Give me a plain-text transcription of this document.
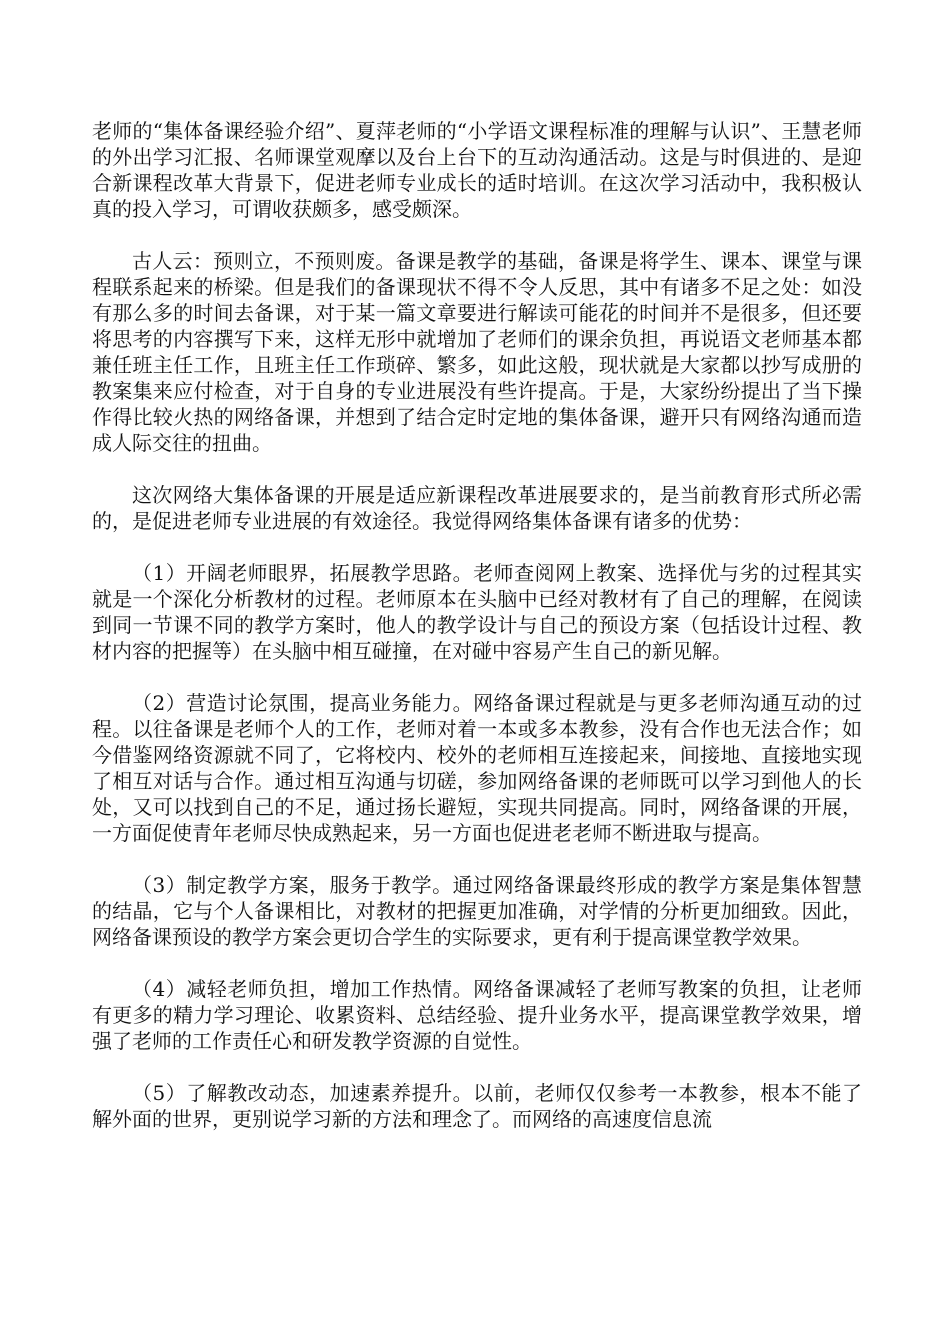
老师的“集体备课经验介绍”、夏萍老师的“小学语文课程标准的理解与认识”、王慧老师的外出学习汇报、名师课堂观摩以及台上台下的互动沟通活动。这是与时俱进的、是迎合新课程改革大背景下，促进老师专业成长的适时培训。在这次学习活动中，我积极认真的投入学习，可谓收获颇多，感受颇深。

古人云：预则立，不预则废。备课是教学的基础，备课是将学生、课本、课堂与课程联系起来的桥梁。但是我们的备课现状不得不令人反思，其中有诸多不足之处：如没有那么多的时间去备课，对于某一篇文章要进行解读可能花的时间并不是很多，但还要将思考的内容撰写下来，这样无形中就增加了老师们的课余负担，再说语文老师基本都兼任班主任工作，且班主任工作琐碎、繁多，如此这般，现状就是大家都以抄写成册的教案集来应付检查，对于自身的专业进展没有些许提高。于是，大家纷纷提出了当下操作得比较火热的网络备课，并想到了结合定时定地的集体备课，避开只有网络沟通而造成人际交往的扭曲。

这次网络大集体备课的开展是适应新课程改革进展要求的，是当前教育形式所必需的，是促进老师专业进展的有效途径。我觉得网络集体备课有诸多的优势：

（1）开阔老师眼界，拓展教学思路。老师查阅网上教案、选择优与劣的过程其实就是一个深化分析教材的过程。老师原本在头脑中已经对教材有了自己的理解，在阅读到同一节课不同的教学方案时，他人的教学设计与自己的预设方案（包括设计过程、教材内容的把握等）在头脑中相互碰撞，在对碰中容易产生自己的新见解。

（2）营造讨论氛围，提高业务能力。网络备课过程就是与更多老师沟通互动的过程。以往备课是老师个人的工作，老师对着一本或多本教参，没有合作也无法合作；如今借鉴网络资源就不同了，它将校内、校外的老师相互连接起来，间接地、直接地实现了相互对话与合作。通过相互沟通与切磋，参加网络备课的老师既可以学习到他人的长处，又可以找到自己的不足，通过扬长避短，实现共同提高。同时，网络备课的开展，一方面促使青年老师尽快成熟起来，另一方面也促进老老师不断进取与提高。

（3）制定教学方案，服务于教学。通过网络备课最终形成的教学方案是集体智慧的结晶，它与个人备课相比，对教材的把握更加准确，对学情的分析更加细致。因此，网络备课预设的教学方案会更切合学生的实际要求，更有利于提高课堂教学效果。

（4）减轻老师负担，增加工作热情。网络备课减轻了老师写教案的负担，让老师有更多的精力学习理论、收累资料、总结经验、提升业务水平，提高课堂教学效果，增强了老师的工作责任心和研发教学资源的自觉性。

（5）了解教改动态，加速素养提升。以前，老师仅仅参考一本教参，根本不能了解外面的世界，更别说学习新的方法和理念了。而网络的高速度信息流
